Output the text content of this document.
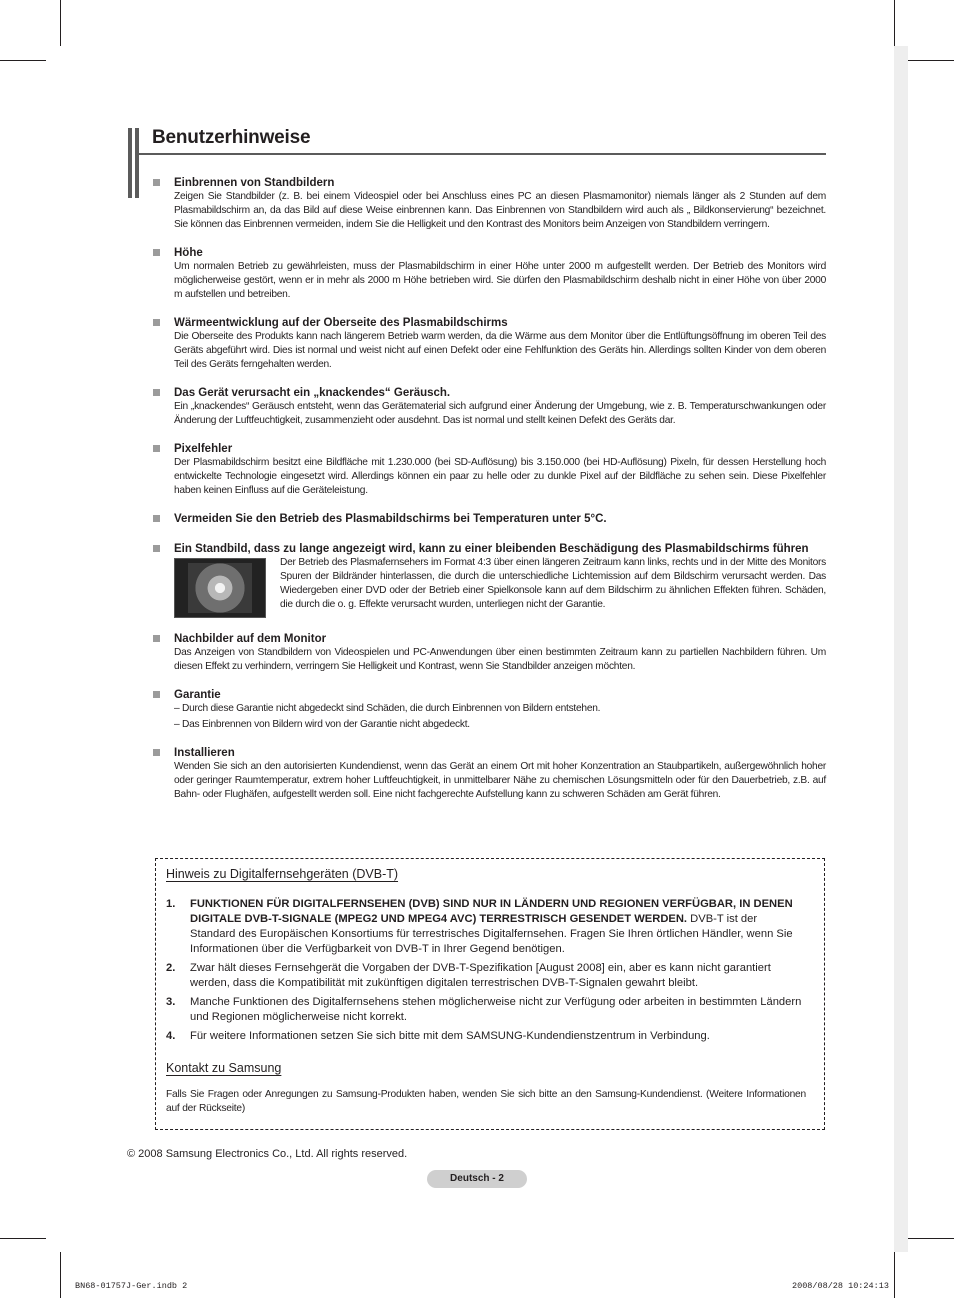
Benutzerhinweise
Einbrennen von Standbildern

Zeigen Sie Standbilder (z. B. bei einem Videospiel oder bei Anschluss eines PC an diesen Plasmamonitor) niemals länger als 2 Stunden auf dem Plasmabildschirm an, da das Bild auf diese Weise einbrennen kann. Das Einbrennen von Standbildern wird auch als „ Bildkonservierung“ bezeichnet. Sie können das Einbrennen vermeiden, indem Sie die Helligkeit und den Kontrast des Monitors beim Anzeigen von Standbildern verringern.

Höhe

Um normalen Betrieb zu gewährleisten, muss der Plasmabildschirm in einer Höhe unter 2000 m aufgestellt werden. Der Betrieb des Monitors wird möglicherweise gestört, wenn er in mehr als 2000 m Höhe betrieben wird. Sie dürfen den Plasmabildschirm deshalb nicht in einer Höhe von über 2000 m aufstellen und betreiben.

Wärmeentwicklung auf der Oberseite des Plasmabildschirms

Die Oberseite des Produkts kann nach längerem Betrieb warm werden, da die Wärme aus dem Monitor über die Entlüftungsöffnung im oberen Teil des Geräts abgeführt wird. Dies ist normal und weist nicht auf einen Defekt oder eine Fehlfunktion des Geräts hin. Allerdings sollten Kinder von dem oberen Teil des Geräts ferngehalten werden.

Das Gerät verursacht ein „knackendes“ Geräusch.

Ein „knackendes“ Geräusch entsteht, wenn das Gerätematerial sich aufgrund einer Änderung der Umgebung, wie z. B. Temperaturschwankungen oder Änderung der Luftfeuchtigkeit, zusammenzieht oder ausdehnt. Das ist normal und stellt keinen Defekt des Geräts dar.

Pixelfehler

Der Plasmabildschirm besitzt eine Bildfläche mit 1.230.000 (bei SD-Auflösung) bis 3.150.000 (bei HD-Auflösung) Pixeln, für dessen Herstellung hoch entwickelte Technologie eingesetzt wird. Allerdings können ein paar zu helle oder zu dunkle Pixel auf der Bildfläche zu sehen sein. Diese Pixelfehler haben keinen Einfluss auf die Geräteleistung.

Vermeiden Sie den Betrieb des Plasmabildschirms bei Temperaturen unter 5°C.
Ein Standbild, dass zu lange angezeigt wird, kann zu einer bleibenden Beschädigung des Plasmabildschirms führen

Der Betrieb des Plasmafernsehers im Format 4:3 über einen längeren Zeitraum kann links, rechts und in der Mitte des Monitors Spuren der Bildränder hinterlassen, die durch die unterschiedliche Lichtemission auf dem Bildschirm verursacht werden. Das Wiedergeben einer DVD oder der Betrieb einer Spielkonsole kann auf dem Bildschirm zu ähnlichen Effekten führen. Schäden, die durch die o. g. Effekte verursacht wurden, unterliegen nicht der Garantie.

Nachbilder auf dem Monitor

Das Anzeigen von Standbildern von Videospielen und PC-Anwendungen über einen bestimmten Zeitraum kann zu partiellen Nachbildern führen. Um diesen Effekt zu verhindern, verringern Sie Helligkeit und Kontrast, wenn Sie Standbilder anzeigen möchten.

Garantie

– Durch diese Garantie nicht abgedeckt sind Schäden, die durch Einbrennen von Bildern entstehen.

– Das Einbrennen von Bildern wird von der Garantie nicht abgedeckt.

Installieren

Wenden Sie sich an den autorisierten Kundendienst, wenn das Gerät an einem Ort mit hoher Konzentration an Staubpartikeln, außergewöhnlich hoher oder geringer Raumtemperatur, extrem hoher Luftfeuchtigkeit, in unmittelbarer Nähe zu chemischen Lösungsmitteln oder für den Dauerbetrieb, z.B. auf Bahn- oder Flughäfen, aufgestellt werden soll. Eine nicht fachgerechte Aufstellung kann zu schweren Schäden am Gerät führen.

Hinweis zu Digitalfernsehgeräten (DVB-T)
1. FUNKTIONEN FÜR DIGITALFERNSEHEN (DVB) SIND NUR IN LÄNDERN UND REGIONEN VERFÜGBAR, IN DENEN DIGITALE DVB-T-SIGNALE (MPEG2 UND MPEG4 AVC) TERRESTRISCH GESENDET WERDEN. DVB-T ist der Standard des Europäischen Konsortiums für terrestrisches Digitalfernsehen. Fragen Sie Ihren örtlichen Händler, wenn Sie Informationen über die Verfügbarkeit von DVB-T in Ihrer Gegend benötigen.
2. Zwar hält dieses Fernsehgerät die Vorgaben der DVB-T-Spezifikation [August 2008] ein, aber es kann nicht garantiert werden, dass die Kompatibilität mit zukünftigen digitalen terrestrischen DVB-T-Signalen gewahrt bleibt.
3. Manche Funktionen des Digitalfernsehens stehen möglicherweise nicht zur Verfügung oder arbeiten in bestimmten Ländern und Regionen möglicherweise nicht korrekt.
4. Für weitere Informationen setzen Sie sich bitte mit dem SAMSUNG-Kundendienstzentrum in Verbindung.
Kontakt zu Samsung

Falls Sie Fragen oder Anregungen zu Samsung-Produkten haben, wenden Sie sich bitte an den Samsung-Kundendienst. (Weitere Informationen auf der Rückseite)

© 2008 Samsung Electronics Co., Ltd. All rights reserved.

Deutsch - 2

BN68-01757J-Ger.indb 2	2008/08/28 10:24:13
